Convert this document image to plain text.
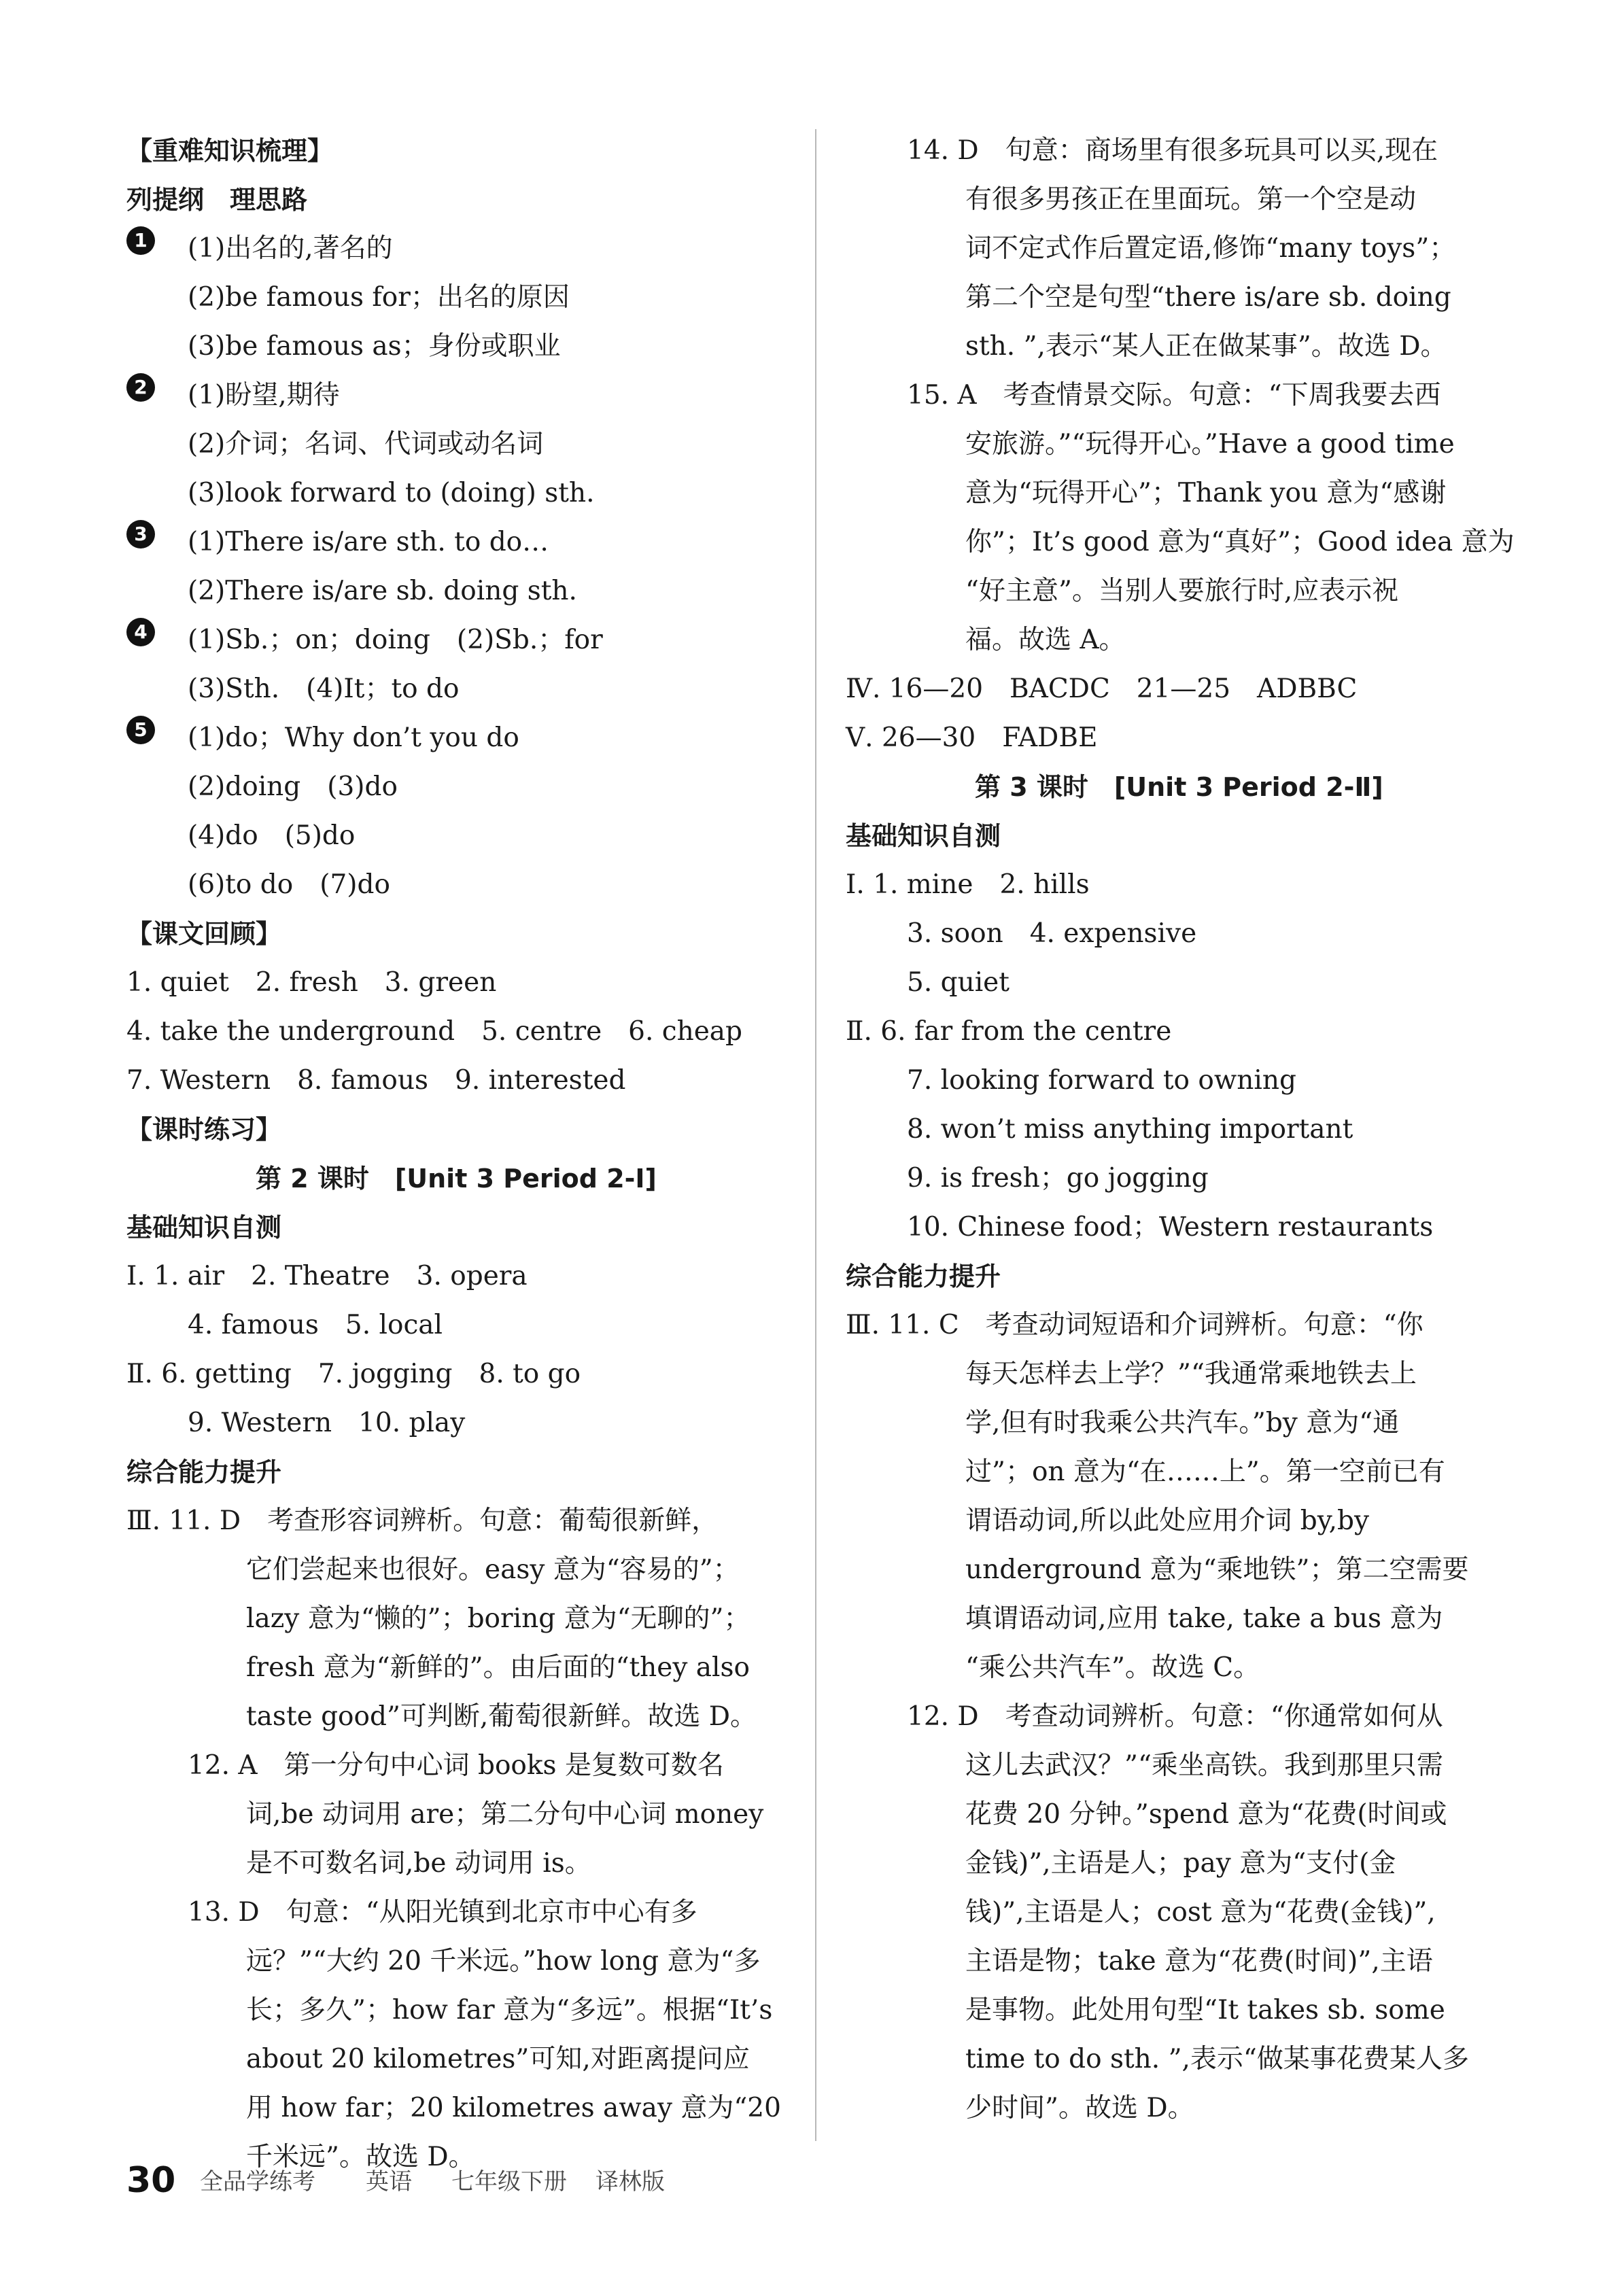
【重难知识梳理】
列提纲　理思路
1 (1)出名的,著名的
(2)be famous for；出名的原因
(3)be famous as；身份或职业
2 (1)盼望,期待
(2)介词；名词、代词或动名词
(3)look forward to (doing) sth.
3 (1)There is/are sth. to do…
(2)There is/are sb. doing sth.
4 (1)Sb.；on；doing　(2)Sb.；for
(3)Sth.　(4)It；to do
5 (1)do；Why don’t you do
(2)doing　(3)do
(4)do　(5)do
(6)to do　(7)do
【课文回顾】
1. quiet　2. fresh　3. green
4. take the underground　5. centre　6. cheap
7. Western　8. famous　9. interested
【课时练习】
第 2 课时　[Unit 3 Period 2-Ⅰ]
基础知识自测
Ⅰ. 1. air　2. Theatre　3. opera
4. famous　5. local
Ⅱ. 6. getting　7. jogging　8. to go
9. Western　10. play
综合能力提升
Ⅲ. 11. D　考查形容词辨析。句意：葡萄很新鲜，
它们尝起来也很好。easy 意为“容易的”；
lazy 意为“懒的”；boring 意为“无聊的”；
fresh 意为“新鲜的”。由后面的“they also
taste good”可判断,葡萄很新鲜。故选 D。
12. A　第一分句中心词 books 是复数可数名
词,be 动词用 are；第二分句中心词 money
是不可数名词,be 动词用 is。
13. D　句意：“从阳光镇到北京市中心有多
远？”“大约 20 千米远。”how long 意为“多
长；多久”；how far 意为“多远”。根据“It’s
about 20 kilometres”可知,对距离提问应
用 how far；20 kilometres away 意为“20
千米远”。故选 D。
14. D　句意：商场里有很多玩具可以买,现在
有很多男孩正在里面玩。第一个空是动
词不定式作后置定语,修饰“many toys”；
第二个空是句型“there is/are sb. doing
sth. ”,表示“某人正在做某事”。故选 D。
15. A　考查情景交际。句意：“下周我要去西
安旅游。”“玩得开心。”Have a good time
意为“玩得开心”；Thank you 意为“感谢
你”；It’s good 意为“真好”；Good idea 意为
“好主意”。当别人要旅行时,应表示祝
福。故选 A。
Ⅳ. 16—20　BACDC　21—25　ADBBC
Ⅴ. 26—30　FADBE
第 3 课时　[Unit 3 Period 2-Ⅱ]
基础知识自测
Ⅰ. 1. mine　2. hills
3. soon　4. expensive
5. quiet
Ⅱ. 6. far from the centre
7. looking forward to owning
8. won’t miss anything important
9. is fresh；go jogging
10. Chinese food；Western restaurants
综合能力提升
Ⅲ. 11. C　考查动词短语和介词辨析。句意：“你
每天怎样去上学？”“我通常乘地铁去上
学,但有时我乘公共汽车。”by 意为“通
过”；on 意为“在……上”。第一空前已有
谓语动词,所以此处应用介词 by,by
underground 意为“乘地铁”；第二空需要
填谓语动词,应用 take, take a bus 意为
“乘公共汽车”。故选 C。
12. D　考查动词辨析。句意：“你通常如何从
这儿去武汉？”“乘坐高铁。我到那里只需
花费 20 分钟。”spend 意为“花费(时间或
金钱)”,主语是人；pay 意为“支付(金
钱)”,主语是人；cost 意为“花费(金钱)”,
主语是物；take 意为“花费(时间)”,主语
是事物。此处用句型“It takes sb. some
time to do sth. ”,表示“做某事花费某人多
少时间”。故选 D。
30 全品学练考 英语 七年级下册 译林版
